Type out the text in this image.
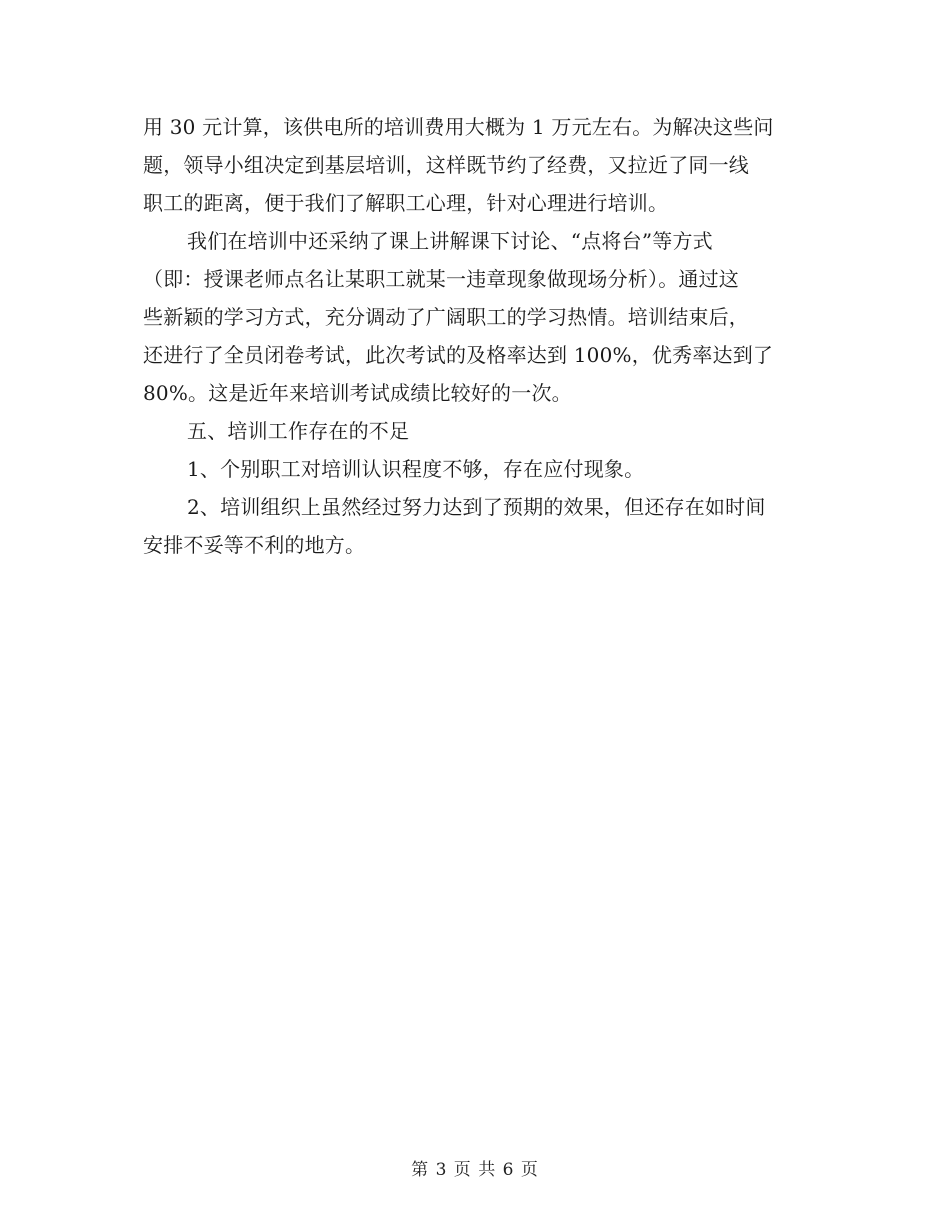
用 30 元计算，该供电所的培训费用大概为 1 万元左右。为解决这些问
题，领导小组决定到基层培训，这样既节约了经费，又拉近了同一线
职工的距离，便于我们了解职工心理，针对心理进行培训。
我们在培训中还采纳了课上讲解课下讨论、“点将台”等方式
（即：授课老师点名让某职工就某一违章现象做现场分析）。通过这
些新颖的学习方式，充分调动了广阔职工的学习热情。培训结束后，
还进行了全员闭卷考试，此次考试的及格率达到 100%，优秀率达到了
80%。这是近年来培训考试成绩比较好的一次。
五、培训工作存在的不足
1、个别职工对培训认识程度不够，存在应付现象。
2、培训组织上虽然经过努力达到了预期的效果，但还存在如时间
安排不妥等不利的地方。
第 3 页 共 6 页
